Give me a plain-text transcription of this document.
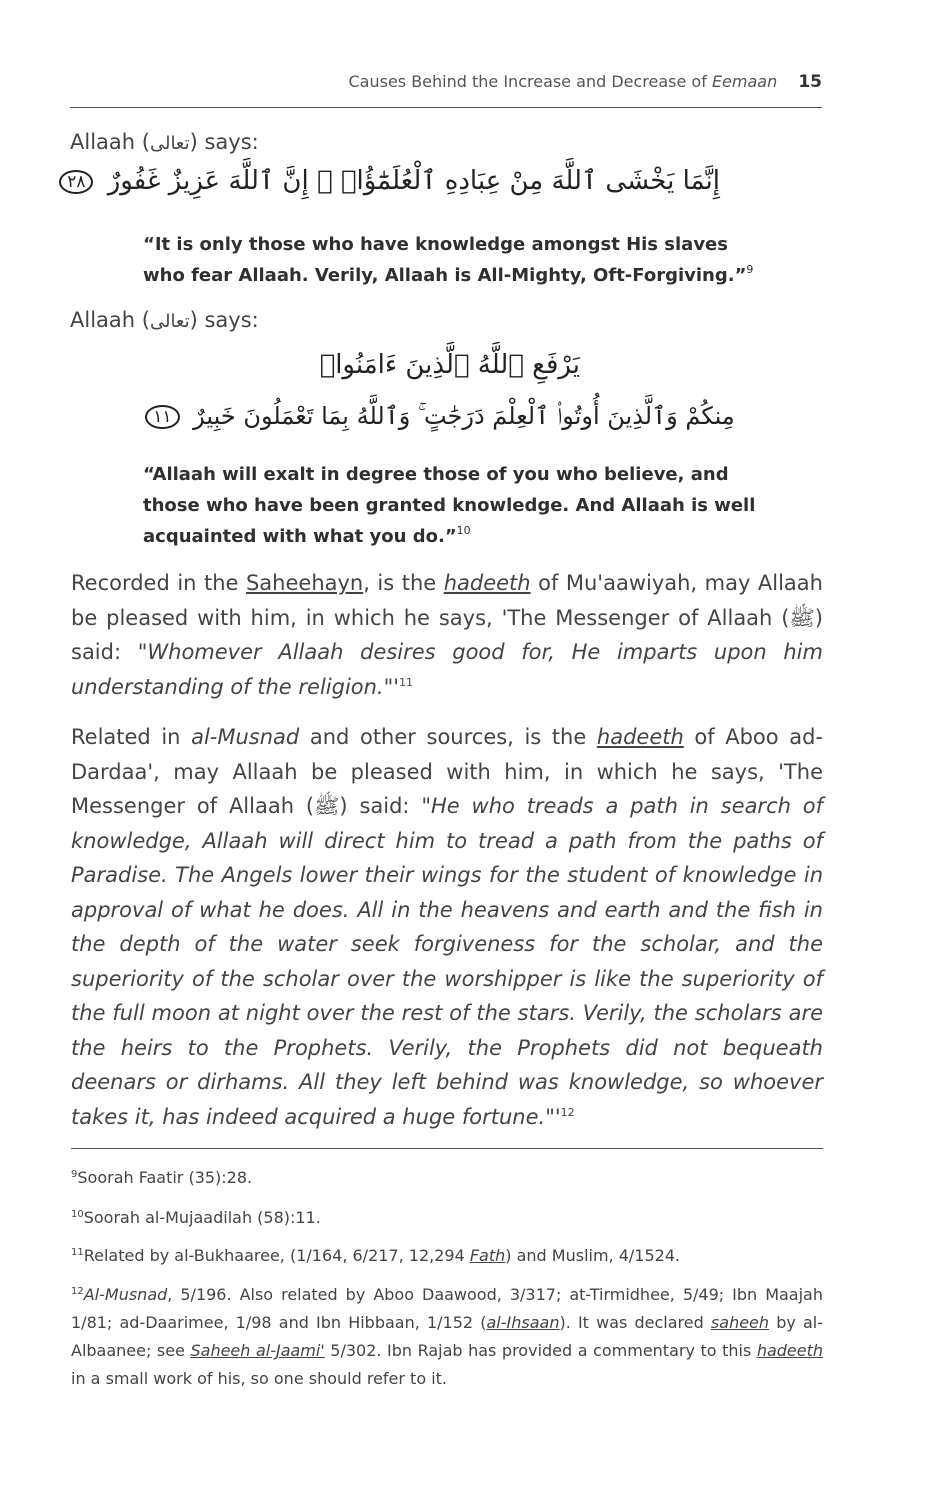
Causes Behind the Increase and Decrease of Eemaan 15
Allaah (تعالى) says:
إِنَّمَا يَخْشَى ٱللَّهَ مِنْ عِبَادِهِ ٱلْعُلَمَٰٓؤُا۟ ۗ إِنَّ ٱللَّهَ عَزِيزٌ غَفُورٌ ٢٨
“It is only those who have knowledge amongst His slaves who fear Allaah. Verily, Allaah is All-Mighty, Oft-Forgiving.”$^9$
Allaah (تعالى) says:
يَرْفَعِ ٱللَّهُ ٱلَّذِينَ ءَامَنُوا۟
مِنكُمْ وَٱلَّذِينَ أُوتُوا۟ ٱلْعِلْمَ دَرَجَٰتٍ ۚ وَٱللَّهُ بِمَا تَعْمَلُونَ خَبِيرٌ ١١
“Allaah will exalt in degree those of you who believe, and those who have been granted knowledge. And Allaah is well acquainted with what you do.”$^{10}$
Recorded in the Saheehayn, is the hadeeth of Mu'aawiyah, may Allaah be pleased with him, in which he says, 'The Messenger of Allaah (ﷺ) said: "Whomever Allaah desires good for, He imparts upon him understanding of the $religion."'^{11}$
Related in al-Musnad and other sources, is the hadeeth of Aboo ad-Dardaa', may Allaah be pleased with him, in which he says, 'The Messenger of Allaah (ﷺ) said: "He who treads a path in search of knowledge, Allaah will direct him to tread a path from the paths of Paradise. The Angels lower their wings for the student of knowledge in approval of what he does. All in the heavens and earth and the fish in the depth of the water seek forgiveness for the scholar, and the superiority of the scholar over the worshipper is like the superiority of the full moon at night over the rest of the stars. Verily, the scholars are the heirs to the Prophets. Verily, the Prophets did not bequeath deenars or dirhams. All they left behind was knowledge, so whoever takes it, has indeed acquired a huge $fortune."'^{12}$
$^9$Soorah Faatir (35):28.
$^{10}$Soorah al-Mujaadilah (58):11.
$^{11}$Related by al-Bukhaaree, (1/164, 6/217, 12,294 Fath) and Muslim, 4/1524.
$^{12}$Al-Musnad, 5/196. Also related by Aboo Daawood, 3/317; at-Tirmidhee, 5/49; Ibn Maajah 1/81; ad-Daarimee, 1/98 and Ibn Hibbaan, 1/152 (al-Ihsaan). It was declared saheeh by al-Albaanee; see Saheeh al-Jaami' 5/302. Ibn Rajab has provided a commentary to this hadeeth in a small work of his, so one should refer to it.
